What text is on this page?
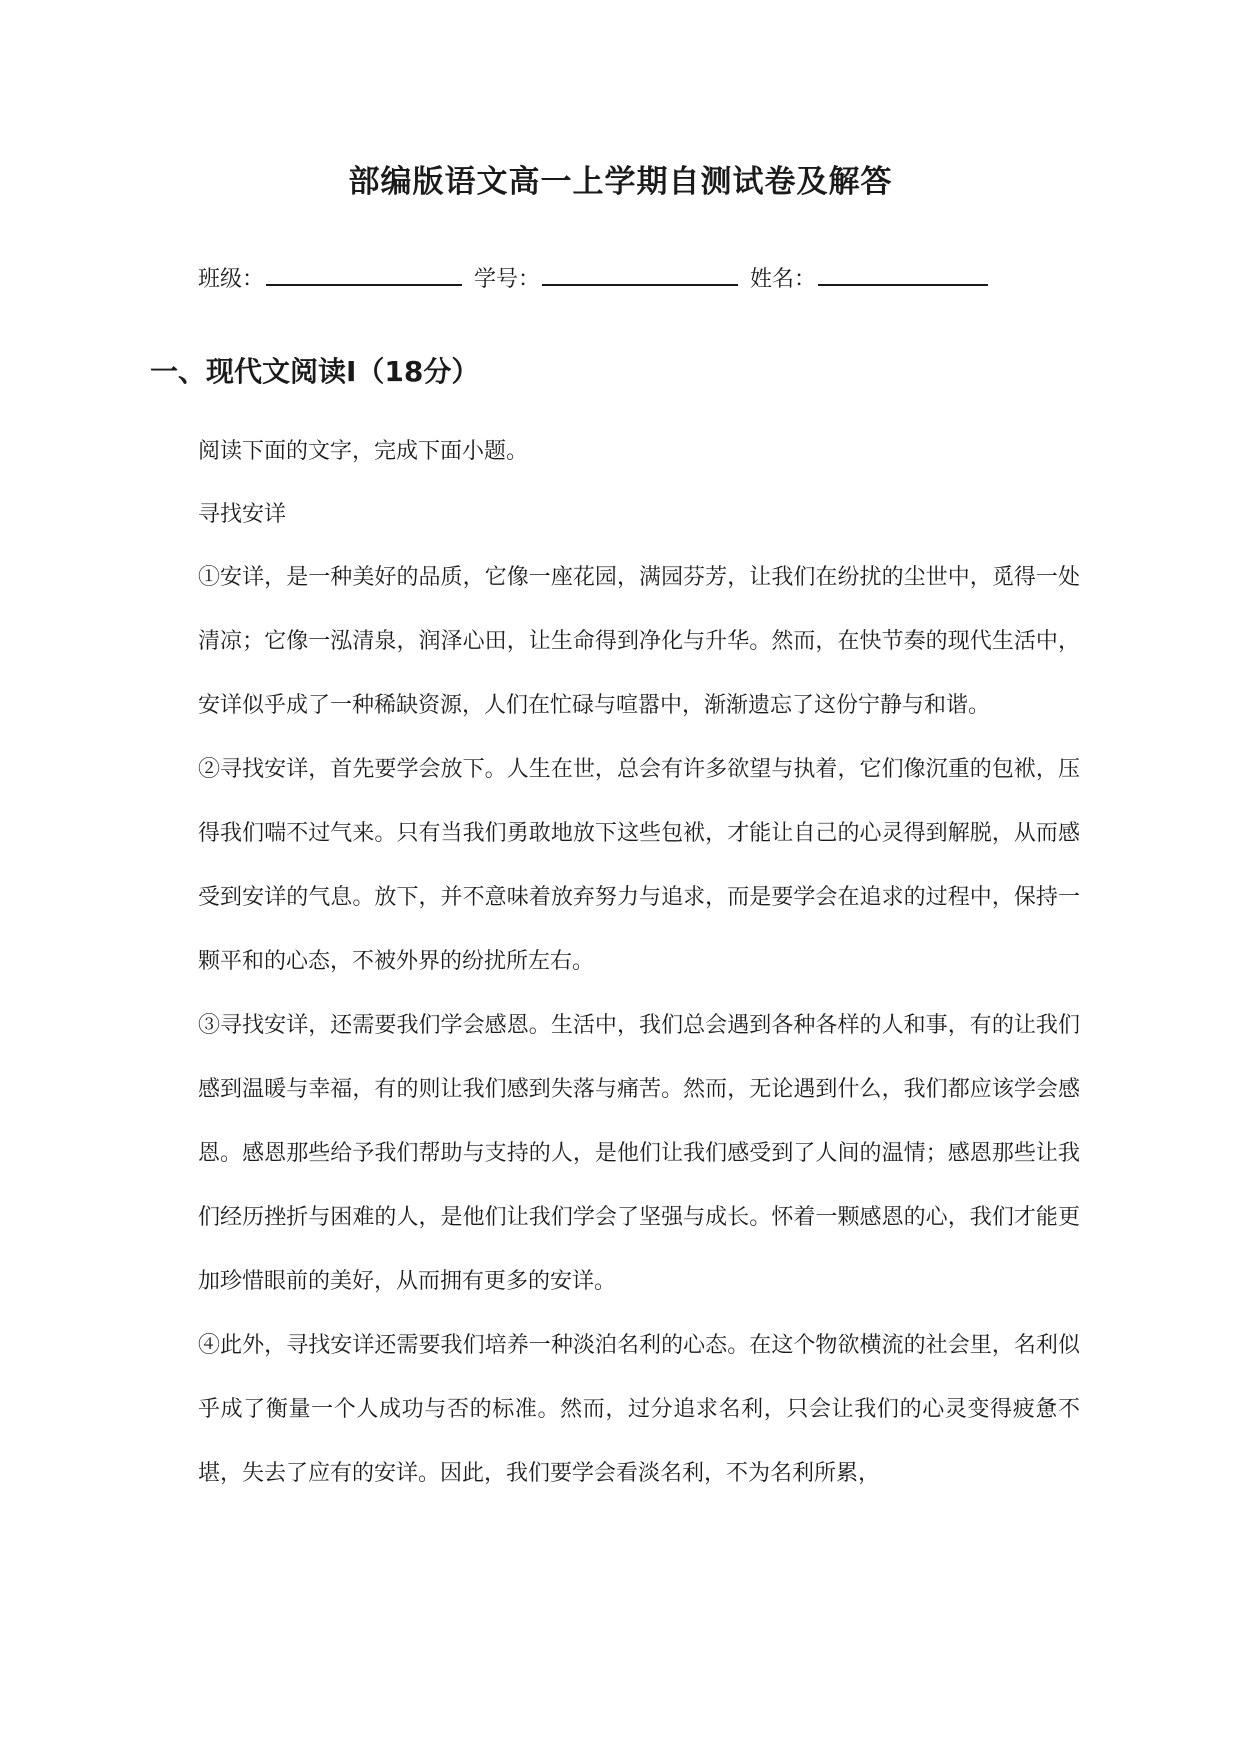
部编版语文高一上学期自测试卷及解答
班级：	学号：	姓名：
一、现代文阅读Ⅰ（18分）
阅读下面的文字，完成下面小题。
寻找安详

①安详，是一种美好的品质，它像一座花园，满园芬芳，让我们在纷扰的尘世中，觅得一处清凉；它像一泓清泉，润泽心田，让生命得到净化与升华。然而，在快节奏的现代生活中，安详似乎成了一种稀缺资源，人们在忙碌与喧嚣中，渐渐遗忘了这份宁静与和谐。

②寻找安详，首先要学会放下。人生在世，总会有许多欲望与执着，它们像沉重的包袱，压得我们喘不过气来。只有当我们勇敢地放下这些包袱，才能让自己的心灵得到解脱，从而感受到安详的气息。放下，并不意味着放弃努力与追求，而是要学会在追求的过程中，保持一颗平和的心态，不被外界的纷扰所左右。

③寻找安详，还需要我们学会感恩。生活中，我们总会遇到各种各样的人和事，有的让我们感到温暖与幸福，有的则让我们感到失落与痛苦。然而，无论遇到什么，我们都应该学会感恩。感恩那些给予我们帮助与支持的人，是他们让我们感受到了人间的温情；感恩那些让我们经历挫折与困难的人，是他们让我们学会了坚强与成长。怀着一颗感恩的心，我们才能更加珍惜眼前的美好，从而拥有更多的安详。

④此外，寻找安详还需要我们培养一种淡泊名利的心态。在这个物欲横流的社会里，名利似乎成了衡量一个人成功与否的标准。然而，过分追求名利，只会让我们的心灵变得疲惫不堪，失去了应有的安详。因此，我们要学会看淡名利，不为名利所累，
